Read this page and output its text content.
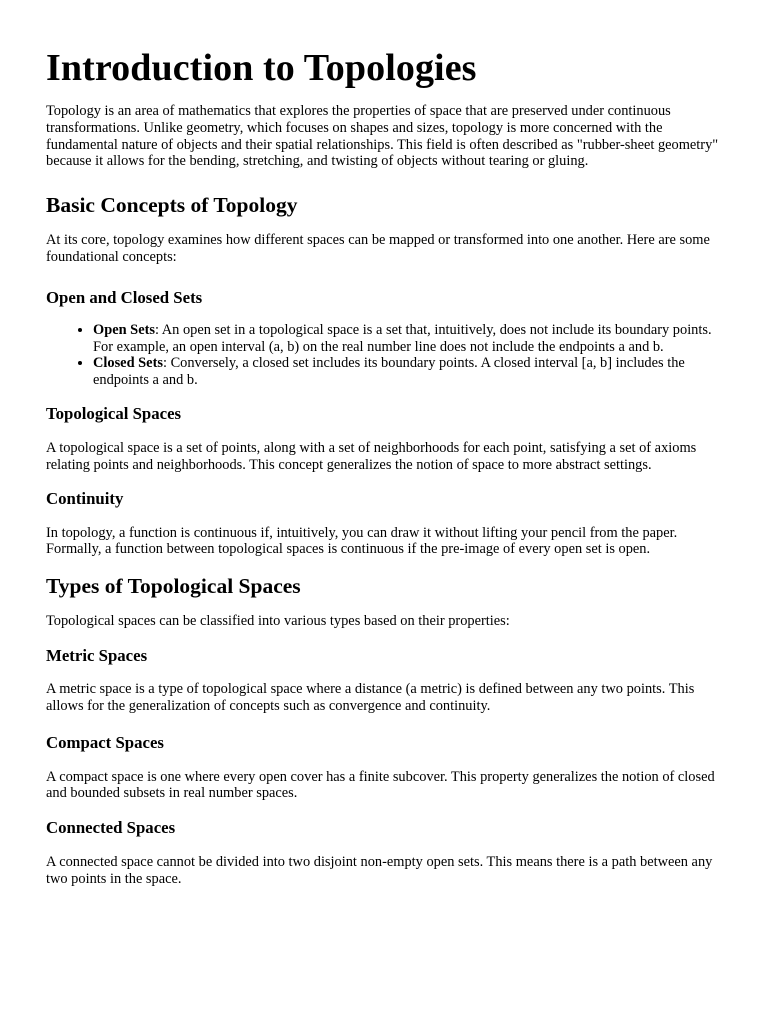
Introduction to Topologies

Topology is an area of mathematics that explores the properties of space that are preserved under continuous transformations. Unlike geometry, which focuses on shapes and sizes, topology is more concerned with the fundamental nature of objects and their spatial relationships. This field is often described as "rubber-sheet geometry" because it allows for the bending, stretching, and twisting of objects without tearing or gluing.

Basic Concepts of Topology

At its core, topology examines how different spaces can be mapped or transformed into one another. Here are some foundational concepts:

Open and Closed Sets
• Open Sets: An open set in a topological space is a set that, intuitively, does not include its boundary points. For example, an open interval (a, b) on the real number line does not include the endpoints a and b.
• Closed Sets: Conversely, a closed set includes its boundary points. A closed interval [a, b] includes the endpoints a and b.
Topological Spaces

A topological space is a set of points, along with a set of neighborhoods for each point, satisfying a set of axioms relating points and neighborhoods. This concept generalizes the notion of space to more abstract settings.

Continuity

In topology, a function is continuous if, intuitively, you can draw it without lifting your pencil from the paper. Formally, a function between topological spaces is continuous if the pre-image of every open set is open.

Types of Topological Spaces

Topological spaces can be classified into various types based on their properties:

Metric Spaces

A metric space is a type of topological space where a distance (a metric) is defined between any two points. This allows for the generalization of concepts such as convergence and continuity.

Compact Spaces

A compact space is one where every open cover has a finite subcover. This property generalizes the notion of closed and bounded subsets in real number spaces.

Connected Spaces

A connected space cannot be divided into two disjoint non-empty open sets. This means there is a path between any two points in the space.
